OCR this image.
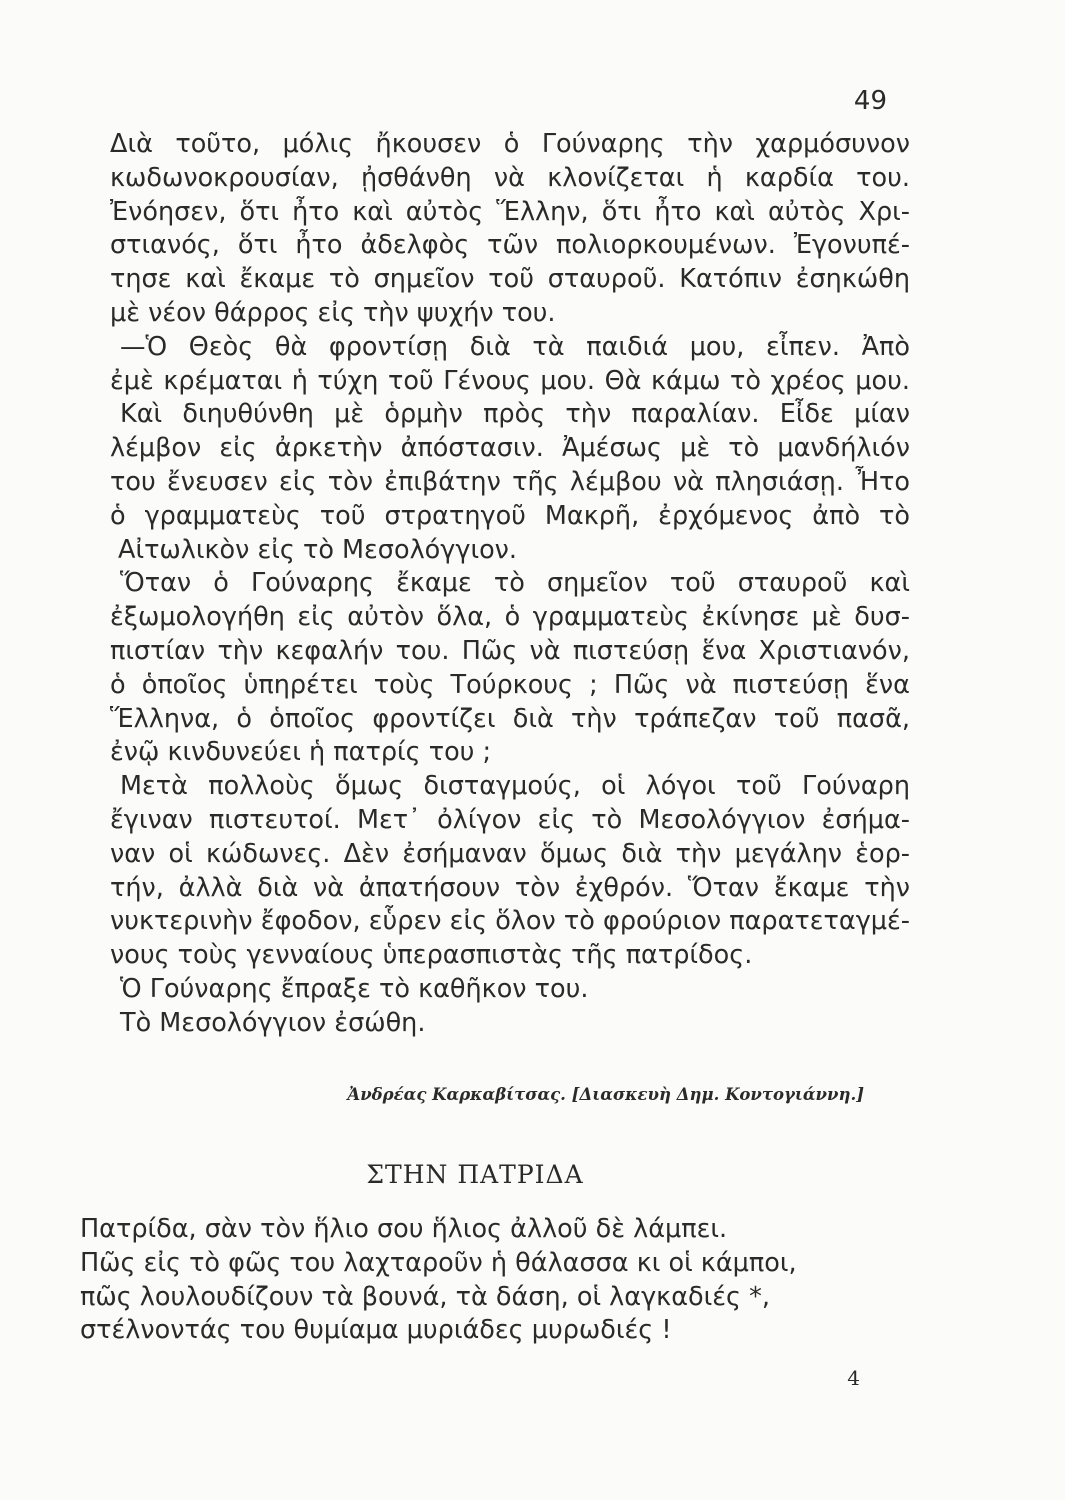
49
Διὰ τοῦτο, μόλις ἤκουσεν ὁ Γούναρης τὴν χαρμόσυνον
κωδωνοκρουσίαν, ᾐσθάνθη νὰ κλονίζεται ἡ καρδία του.
Ἐνόησεν, ὅτι ἦτο καὶ αὐτὸς Ἕλλην, ὅτι ἦτο καὶ αὐτὸς Χρι-
στιανός, ὅτι ἦτο ἀδελφὸς τῶν πολιορκουμένων. Ἐγονυπέ-
τησε καὶ ἔκαμε τὸ σημεῖον τοῦ σταυροῦ. Κατόπιν ἐσηκώθη
μὲ νέον θάρρος εἰς τὴν ψυχήν του.
—Ὁ Θεὸς θὰ φροντίσῃ διὰ τὰ παιδιά μου, εἶπεν. Ἀπὸ
ἐμὲ κρέμαται ἡ τύχη τοῦ Γένους μου. Θὰ κάμω τὸ χρέος μου.
Καὶ διηυθύνθη μὲ ὁρμὴν πρὸς τὴν παραλίαν. Εἶδε μίαν
λέμβον εἰς ἀρκετὴν ἀπόστασιν. Ἀμέσως μὲ τὸ μανδήλιόν
του ἔνευσεν εἰς τὸν ἐπιβάτην τῆς λέμβου νὰ πλησιάσῃ. Ἦτο
ὁ γραμματεὺς τοῦ στρατηγοῦ Μακρῆ, ἐρχόμενος ἀπὸ τὸ
Αἰτωλικὸν εἰς τὸ Μεσολόγγιον.
Ὅταν ὁ Γούναρης ἔκαμε τὸ σημεῖον τοῦ σταυροῦ καὶ
ἐξωμολογήθη εἰς αὐτὸν ὅλα, ὁ γραμματεὺς ἐκίνησε μὲ δυσ-
πιστίαν τὴν κεφαλήν του. Πῶς νὰ πιστεύσῃ ἕνα Χριστιανόν,
ὁ ὁποῖος ὑπηρέτει τοὺς Τούρκους ; Πῶς νὰ πιστεύσῃ ἕνα
Ἕλληνα, ὁ ὁποῖος φροντίζει διὰ τὴν τράπεζαν τοῦ πασᾶ,
ἐνῷ κινδυνεύει ἡ πατρίς του ;
Μετὰ πολλοὺς ὅμως δισταγμούς, οἱ λόγοι τοῦ Γούναρη
ἔγιναν πιστευτοί. Μετ᾿ ὀλίγον εἰς τὸ Μεσολόγγιον ἐσήμα-
ναν οἱ κώδωνες. Δὲν ἐσήμαναν ὅμως διὰ τὴν μεγάλην ἑορ-
τήν, ἀλλὰ διὰ νὰ ἀπατήσουν τὸν ἐχθρόν. Ὅταν ἔκαμε τὴν
νυκτερινὴν ἔφοδον, εὗρεν εἰς ὅλον τὸ φρούριον παρατεταγμέ-
νους τοὺς γενναίους ὑπερασπιστὰς τῆς πατρίδος.
Ὁ Γούναρης ἔπραξε τὸ καθῆκον του.
Τὸ Μεσολόγγιον ἐσώθη.
Ἀνδρέας Καρκαβίτσας. [Διασκευὴ Δημ. Κοντογιάννη.]
ΣΤΗΝ ΠΑΤΡΙΔΑ
Πατρίδα, σὰν τὸν ἥλιο σου ἥλιος ἀλλοῦ δὲ λάμπει.
Πῶς εἰς τὸ φῶς του λαχταροῦν ἡ θάλασσα κι οἱ κάμποι,
πῶς λουλουδίζουν τὰ βουνά, τὰ δάση, οἱ λαγκαδιές *,
στέλνοντάς του θυμίαμα μυριάδες μυρωδιές !
4
